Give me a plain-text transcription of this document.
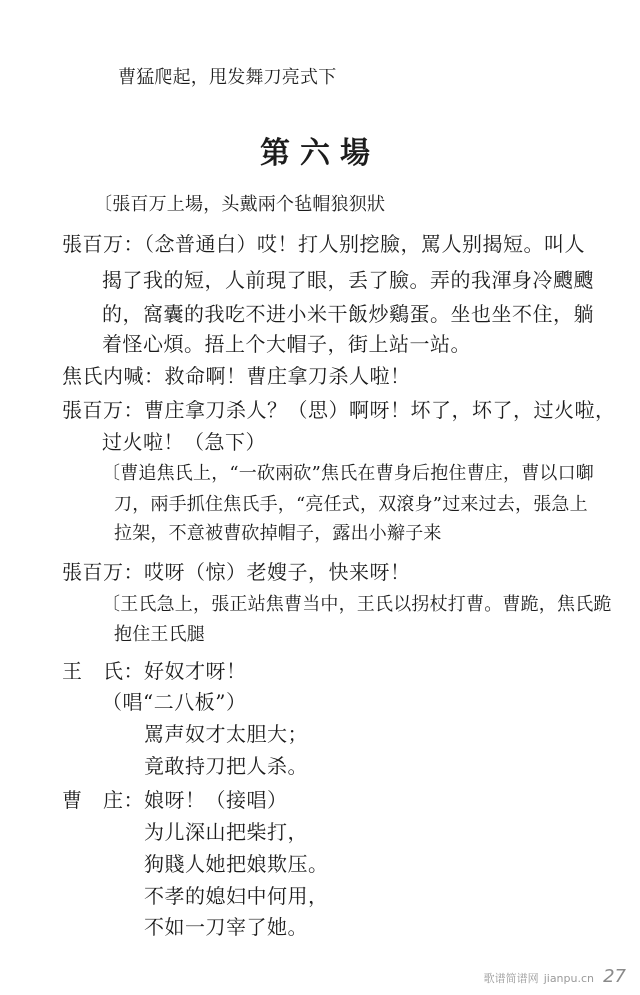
曹猛爬起，甩发舞刀亮式下
第六場
〔張百万上場，头戴兩个毡帽狼狈狀
張百万：（念普通白）哎！打人别挖臉，罵人别揭短。叫人
揭了我的短，人前現了眼，丢了臉。弄的我渾身冷颼颼
的，窩囊的我吃不进小米干飯炒鷄蛋。坐也坐不住，躺
着怪心煩。捂上个大帽子，街上站一站。
焦氏内喊：救命啊！曹庄拿刀杀人啦！
張百万：曹庄拿刀杀人？（思）啊呀！坏了，坏了，过火啦，
过火啦！（急下）
〔曹追焦氏上，“一砍兩砍”焦氏在曹身后抱住曹庄，曹以口啣
刀，兩手抓住焦氏手，“亮任式，双滾身”过来过去，張急上
拉架，不意被曹砍掉帽子，露出小辮子来
張百万：哎呀（惊）老嫂子，快来呀！
〔王氏急上，張正站焦曹当中，王氏以拐杖打曹。曹跪，焦氏跪
抱住王氏腿
王　氏：好奴才呀！
（唱“二八板”）
罵声奴才太胆大；
竟敢持刀把人杀。
曹　庄：娘呀！（接唱）
为儿深山把柴打，
狗賤人她把娘欺压。
不孝的媳妇中何用，
不如一刀宰了她。
歌谱简谱网 jianpu.cn 27
